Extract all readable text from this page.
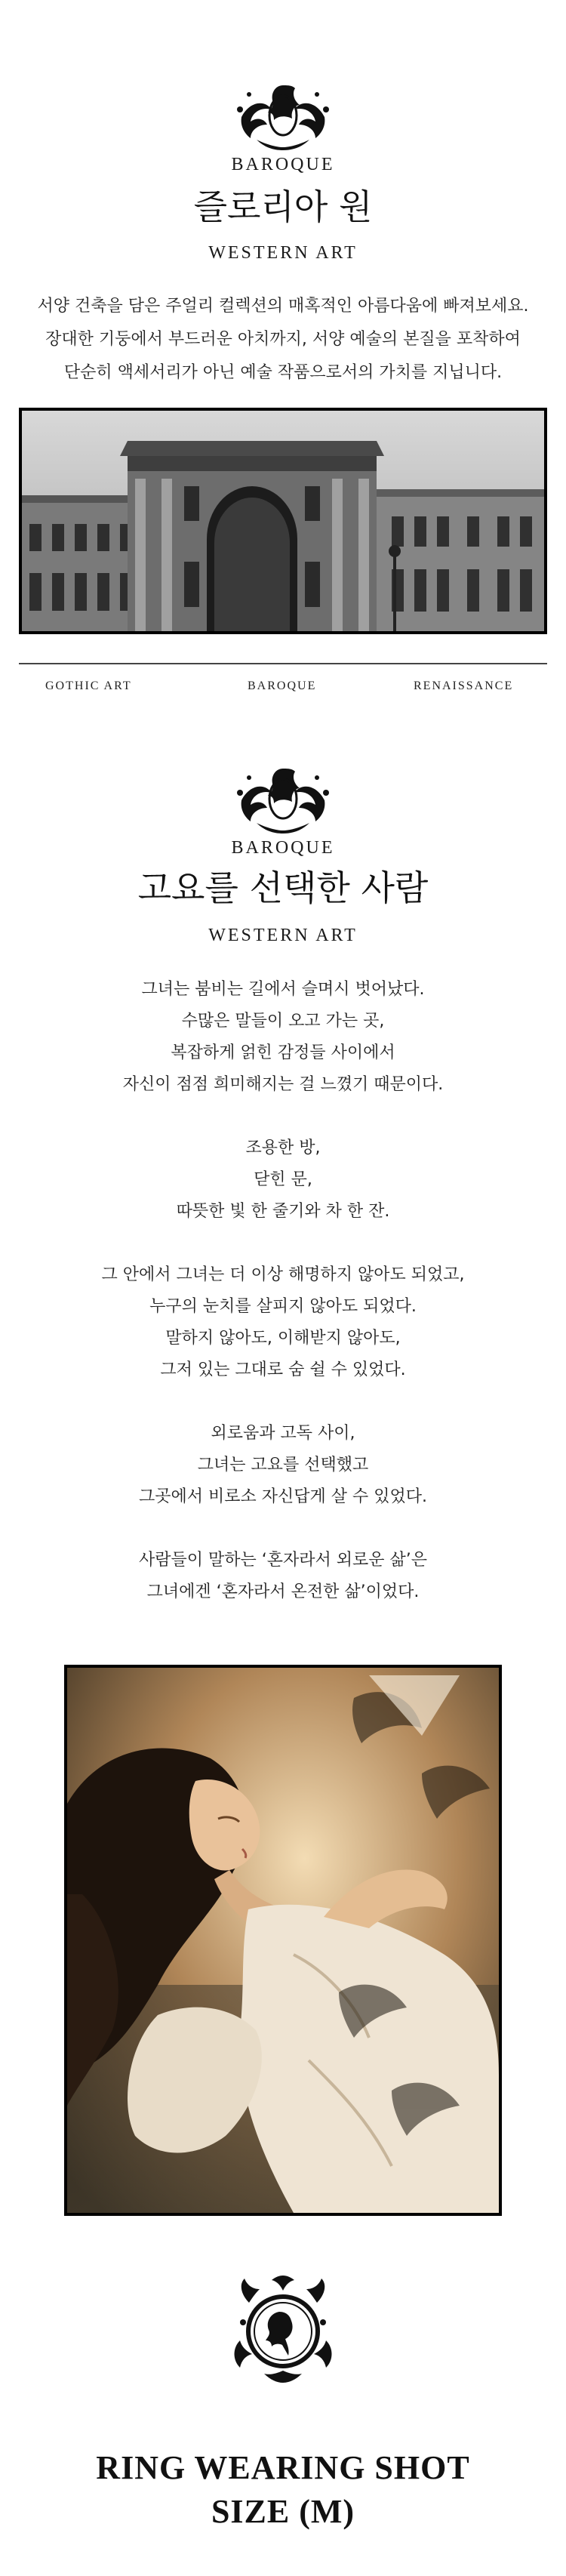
BAROQUE
즐로리아 원
WESTERN ART
서양 건축을 담은 주얼리 컬렉션의 매혹적인 아름다움에 빠져보세요.
장대한 기둥에서 부드러운 아치까지, 서양 예술의 본질을 포착하여
단순히 액세서리가 아닌 예술 작품으로서의 가치를 지닙니다.
GOTHIC ART	BAROQUE	RENAISSANCE
BAROQUE
고요를 선택한 사람
WESTERN ART
그녀는 붐비는 길에서 슬며시 벗어났다.
수많은 말들이 오고 가는 곳,
복잡하게 얽힌 감정들 사이에서
자신이 점점 희미해지는 걸 느꼈기 때문이다.
조용한 방,
닫힌 문,
따뜻한 빛 한 줄기와 차 한 잔.
그 안에서 그녀는 더 이상 해명하지 않아도 되었고,
누구의 눈치를 살피지 않아도 되었다.
말하지 않아도, 이해받지 않아도,
그저 있는 그대로 숨 쉴 수 있었다.
외로움과 고독 사이,
그녀는 고요를 선택했고
그곳에서 비로소 자신답게 살 수 있었다.
사람들이 말하는 ‘혼자라서 외로운 삶’은
그녀에겐 ‘혼자라서 온전한 삶’이었다.
RING WEARING SHOT
SIZE (M)
